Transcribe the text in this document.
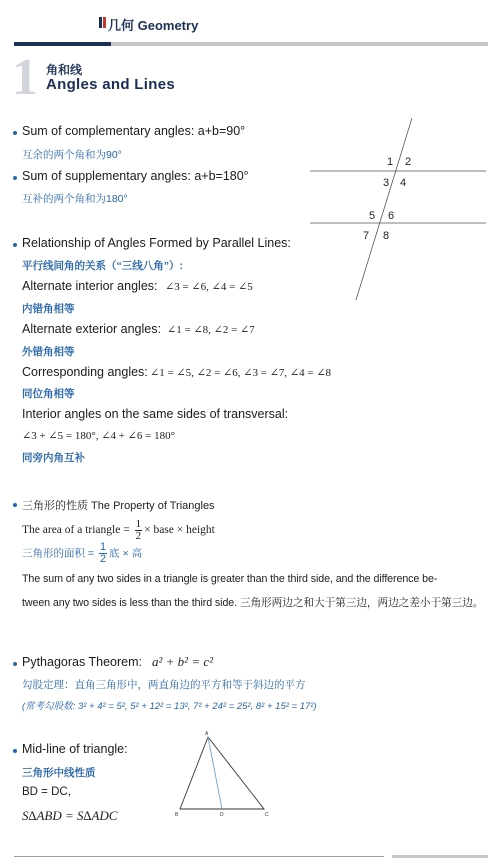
几何 Geometry
1 角和线
Angles and Lines
Sum of complementary angles: a+b=90°
互余的两个角和为90°
Sum of supplementary angles: a+b=180°
互补的两个角和为180°
1 2
3 4
5 6
7 8
Relationship of Angles Formed by Parallel Lines:
平行线间角的关系（“三线八角”）:
Alternate interior angles: ∠3 = ∠6, ∠4 = ∠5
内错角相等
Alternate exterior angles: ∠1 = ∠8, ∠2 = ∠7
外错角相等
Corresponding angles: ∠1 = ∠5, ∠2 = ∠6, ∠3 = ∠7, ∠4 = ∠8
同位角相等
Interior angles on the same sides of transversal:
∠3 + ∠5 = 180°, ∠4 + ∠6 = 180°
同旁内角互补
三角形的性质 The Property of Triangles
The area of a triangle = $\frac{1}{2}$ × base × height
三角形的面积 = $\frac{1}{2}$ 底 × 高
The sum of any two sides in a triangle is greater than the third side, and the difference be-
tween any two sides is less than the third side. 三角形两边之和大于第三边，两边之差小于第三边。
Pythagoras Theorem: a² + b² = c²
勾股定理：直角三角形中，两直角边的平方和等于斜边的平方
(常考勾股数: 3² + 4² = 5², 5² + 12² = 13², 7² + 24² = 25², 8² + 15² = 17²)
Mid-line of triangle:
三角形中线性质
BD = DC,
S∆ABD = S∆ADC
A
B	C
D
